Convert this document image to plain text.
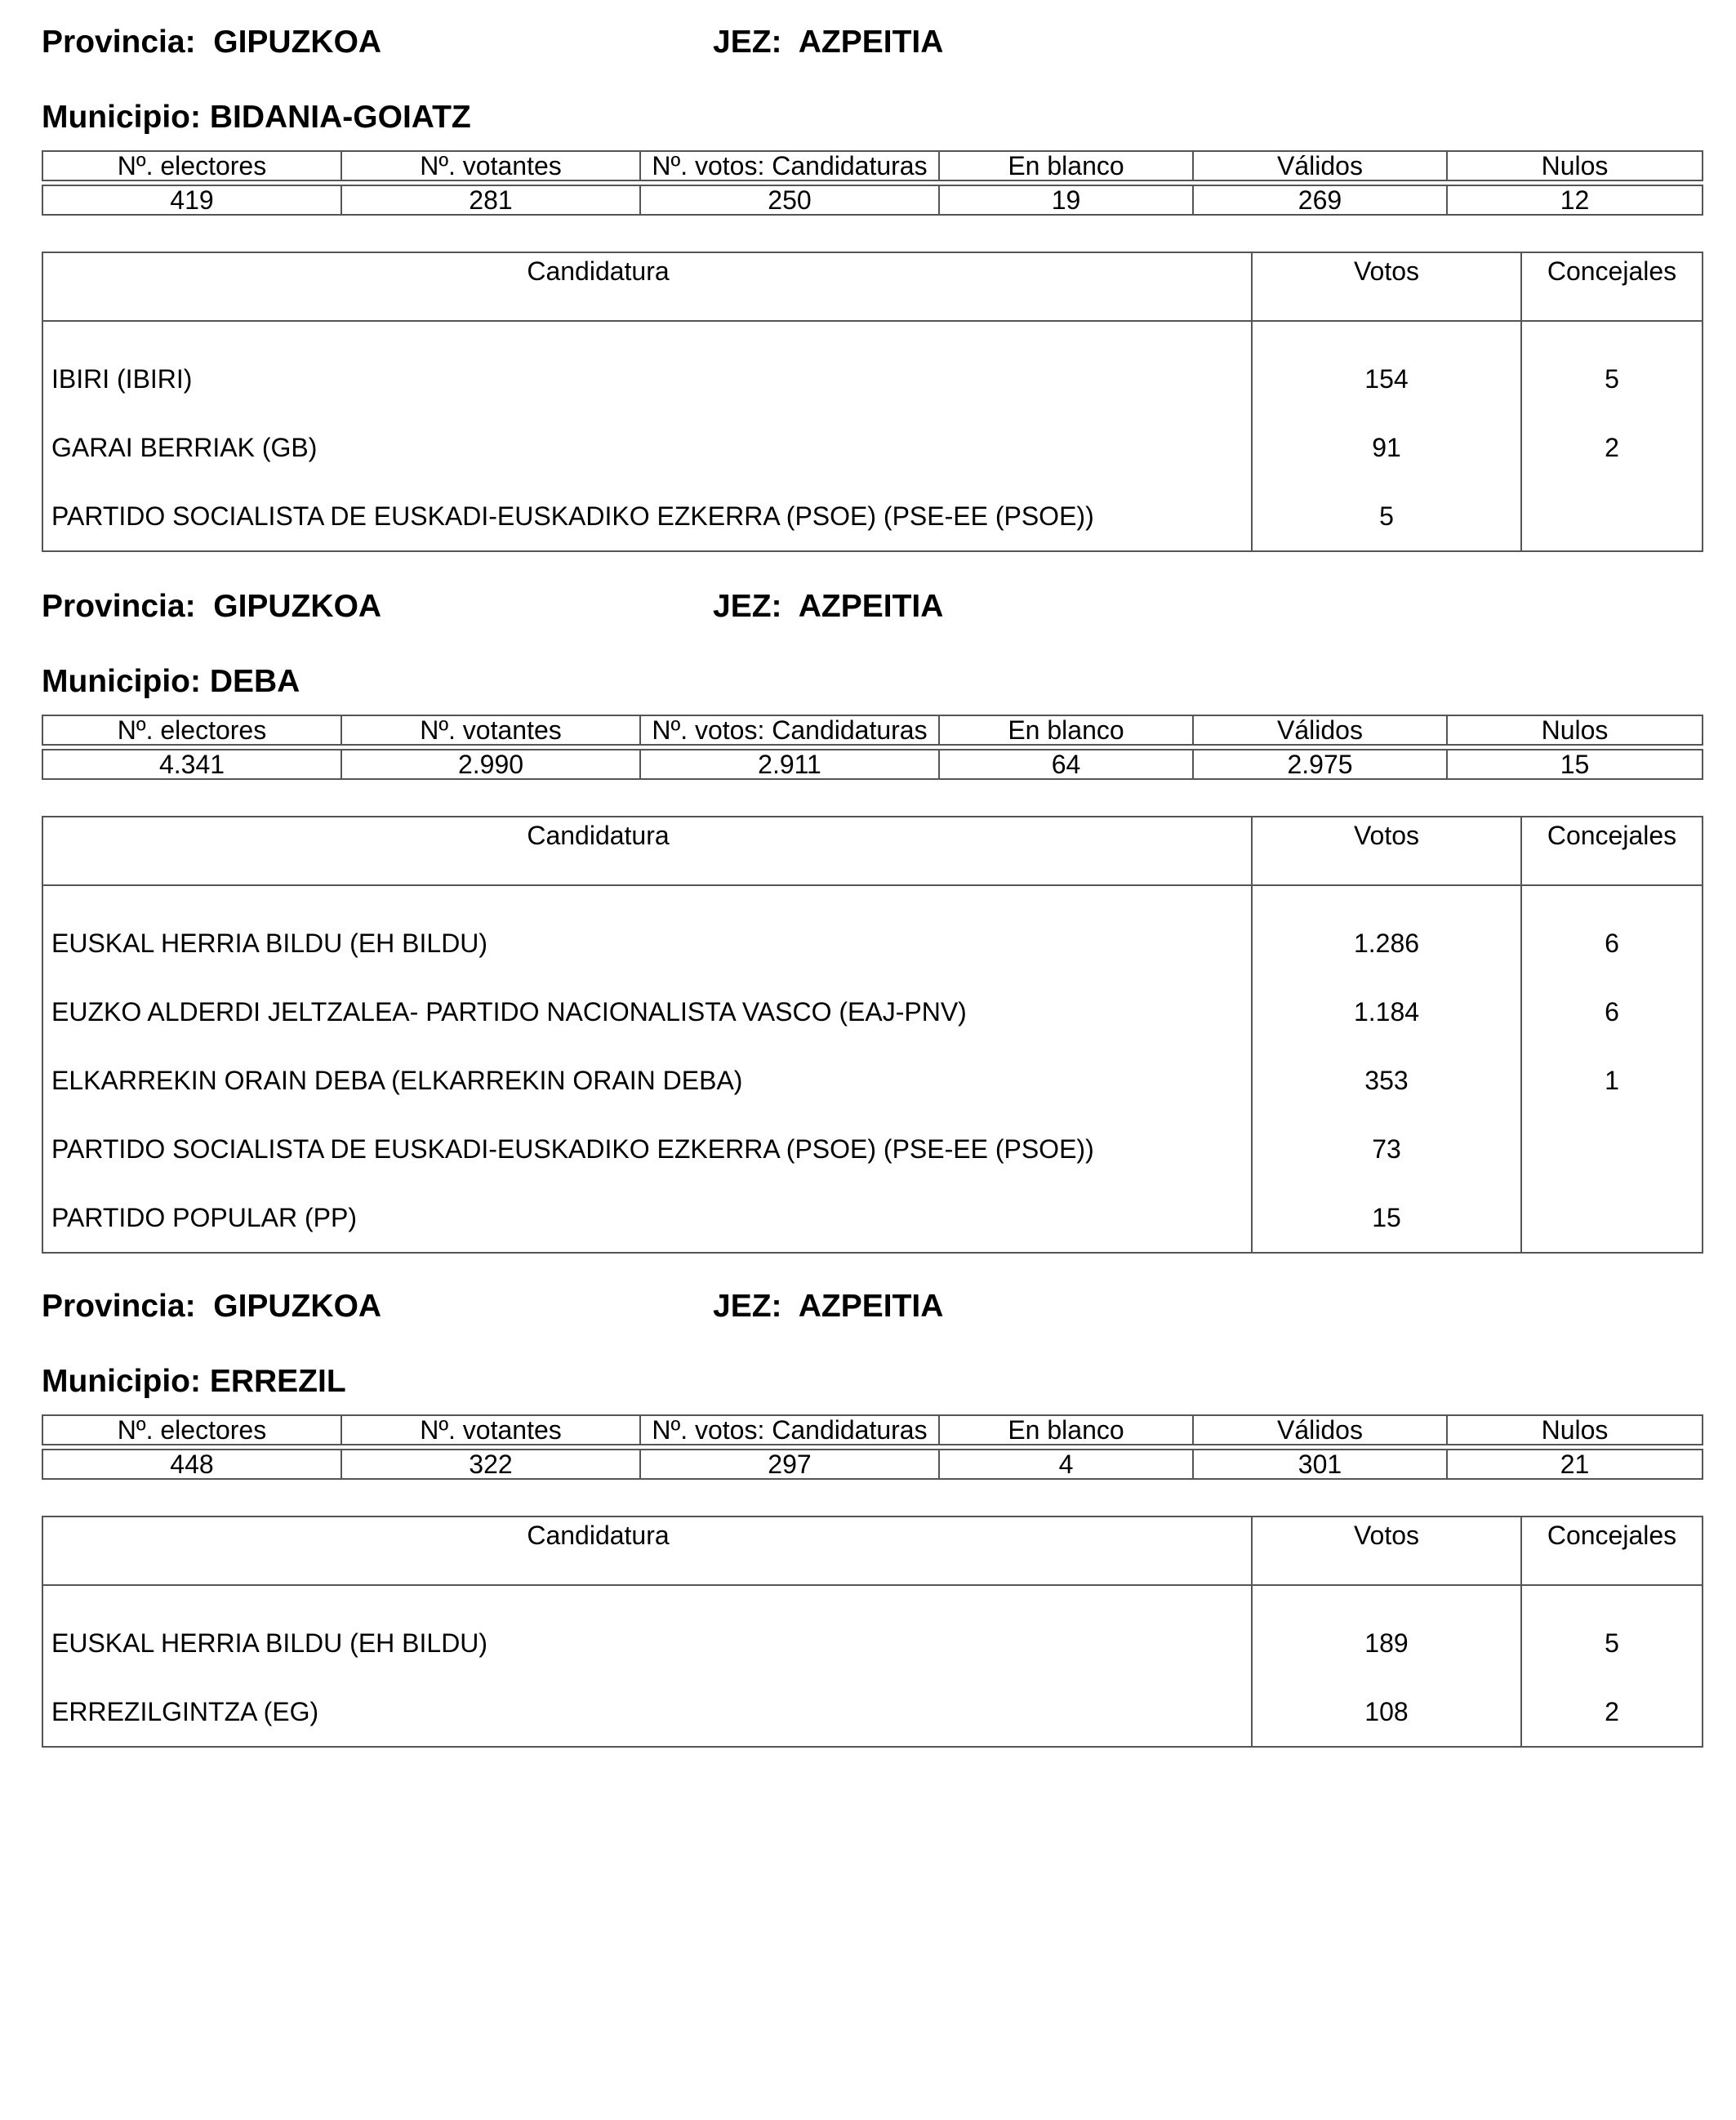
Provincia: GIPUZKOA	JEZ: AZPEITIA
Municipio: BIDANIA-GOIATZ
Nº. electores	Nº. votantes	Nº. votos: Candidaturas	En blanco	Válidos	Nulos

419	281	250	19	269	12
Candidatura	Votos	Concejales

IBIRI (IBIRI)	154	5
GARAI BERRIAK (GB)	91	2
PARTIDO SOCIALISTA DE EUSKADI-EUSKADIKO EZKERRA (PSOE) (PSE-EE (PSOE))	5	
Provincia: GIPUZKOA	JEZ: AZPEITIA
Municipio: DEBA
Nº. electores	Nº. votantes	Nº. votos: Candidaturas	En blanco	Válidos	Nulos

4.341	2.990	2.911	64	2.975	15
Candidatura	Votos	Concejales

EUSKAL HERRIA BILDU (EH BILDU)	1.286	6
EUZKO ALDERDI JELTZALEA- PARTIDO NACIONALISTA VASCO (EAJ-PNV)	1.184	6
ELKARREKIN ORAIN DEBA (ELKARREKIN ORAIN DEBA)	353	1
PARTIDO SOCIALISTA DE EUSKADI-EUSKADIKO EZKERRA (PSOE) (PSE-EE (PSOE))	73	
PARTIDO POPULAR (PP)	15	
Provincia: GIPUZKOA	JEZ: AZPEITIA
Municipio: ERREZIL
Nº. electores	Nº. votantes	Nº. votos: Candidaturas	En blanco	Válidos	Nulos

448	322	297	4	301	21
Candidatura	Votos	Concejales

EUSKAL HERRIA BILDU (EH BILDU)	189	5
ERREZILGINTZA (EG)	108	2
